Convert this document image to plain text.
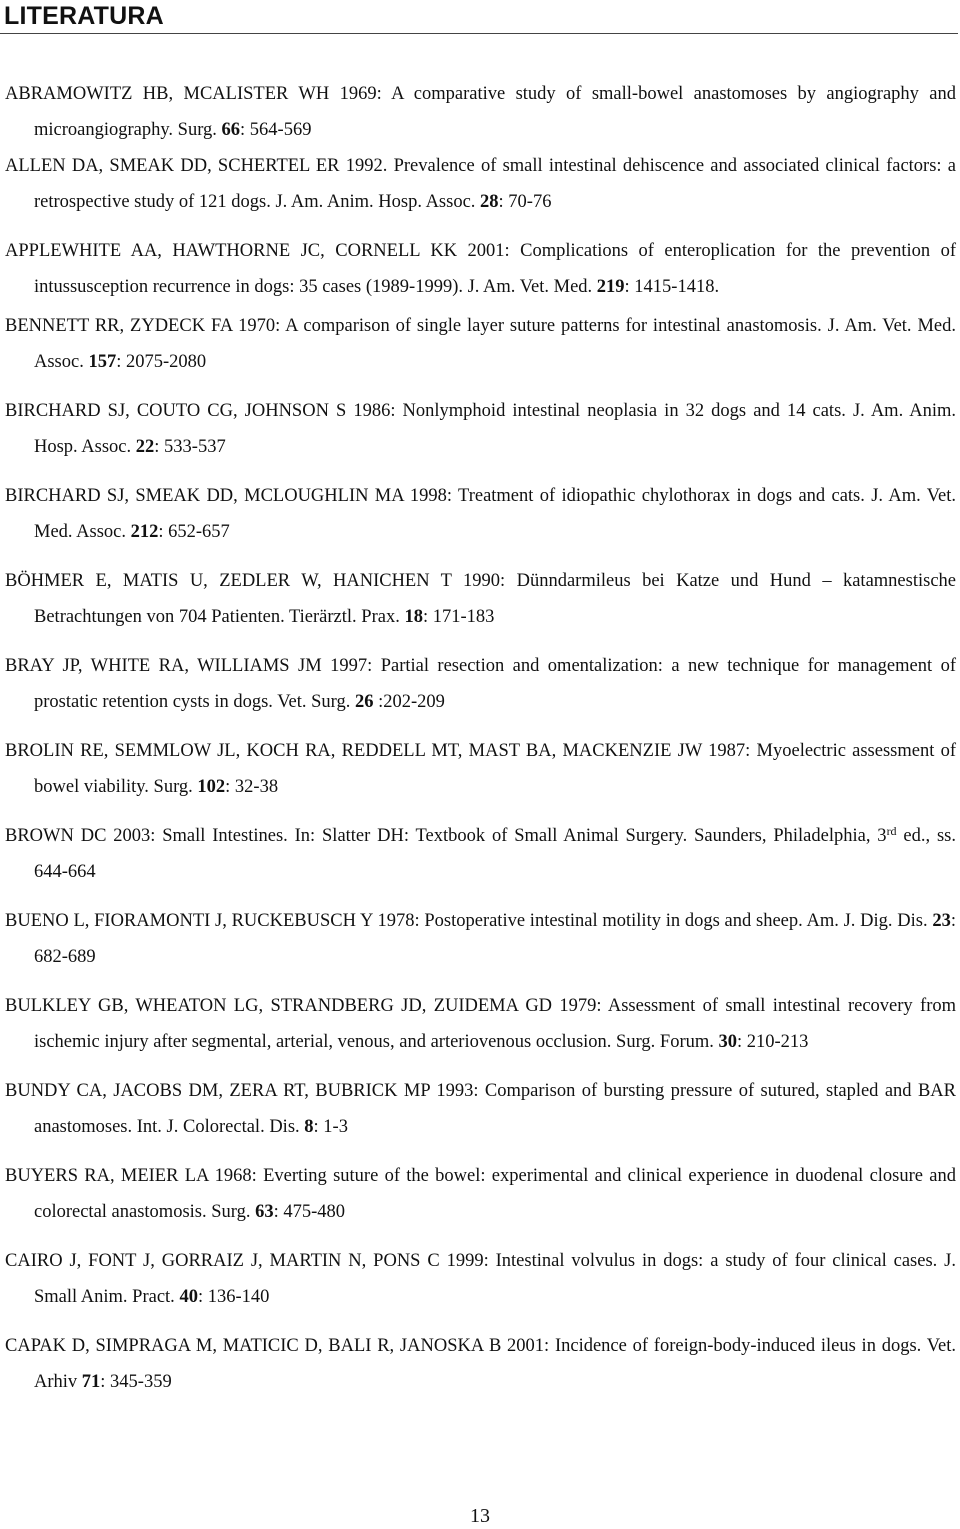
LITERATURA

ABRAMOWITZ HB, MCALISTER WH 1969: A comparative study of small-bowel anastomoses by angiography and microangiography. Surg. 66: 564-569

ALLEN DA, SMEAK DD, SCHERTEL ER 1992. Prevalence of small intestinal dehiscence and associated clinical factors: a retrospective study of 121 dogs. J. Am. Anim. Hosp. Assoc. 28: 70-76

APPLEWHITE AA, HAWTHORNE JC, CORNELL KK 2001: Complications of enteroplication for the prevention of intussusception recurrence in dogs: 35 cases (1989-1999). J. Am. Vet. Med. 219: 1415-1418.

BENNETT RR, ZYDECK FA 1970: A comparison of single layer suture patterns for intestinal anastomosis. J. Am. Vet. Med. Assoc. 157: 2075-2080

BIRCHARD SJ, COUTO CG, JOHNSON S 1986: Nonlymphoid intestinal neoplasia in 32 dogs and 14 cats. J. Am. Anim. Hosp. Assoc. 22: 533-537

BIRCHARD SJ, SMEAK DD, MCLOUGHLIN MA 1998: Treatment of idiopathic chylothorax in dogs and cats. J. Am. Vet. Med. Assoc. 212: 652-657

BÖHMER E, MATIS U, ZEDLER W, HANICHEN T 1990: Dünndarmileus bei Katze und Hund – katamnestische Betrachtungen von 704 Patienten. Tierärztl. Prax. 18: 171-183

BRAY JP, WHITE RA, WILLIAMS JM 1997: Partial resection and omentalization: a new technique for management of prostatic retention cysts in dogs. Vet. Surg. 26 :202-209

BROLIN RE, SEMMLOW JL, KOCH RA, REDDELL MT, MAST BA, MACKENZIE JW 1987: Myoelectric assessment of bowel viability. Surg. 102: 32-38

BROWN DC 2003: Small Intestines. In: Slatter DH: Textbook of Small Animal Surgery. Saunders, Philadelphia, 3rd ed., ss. 644-664

BUENO L, FIORAMONTI J, RUCKEBUSCH Y 1978: Postoperative intestinal motility in dogs and sheep. Am. J. Dig. Dis. 23: 682-689

BULKLEY GB, WHEATON LG, STRANDBERG JD, ZUIDEMA GD 1979: Assessment of small intestinal recovery from ischemic injury after segmental, arterial, venous, and arteriovenous occlusion. Surg. Forum. 30: 210-213

BUNDY CA, JACOBS DM, ZERA RT, BUBRICK MP 1993: Comparison of bursting pressure of sutured, stapled and BAR anastomoses. Int. J. Colorectal. Dis. 8: 1-3

BUYERS RA, MEIER LA 1968: Everting suture of the bowel: experimental and clinical experience in duodenal closure and colorectal anastomosis. Surg. 63: 475-480

CAIRO J, FONT J, GORRAIZ J, MARTIN N, PONS C 1999: Intestinal volvulus in dogs: a study of four clinical cases. J. Small Anim. Pract. 40: 136-140

CAPAK D, SIMPRAGA M, MATICIC D, BALI R, JANOSKA B 2001: Incidence of foreign-body-induced ileus in dogs. Vet. Arhiv 71: 345-359

13
